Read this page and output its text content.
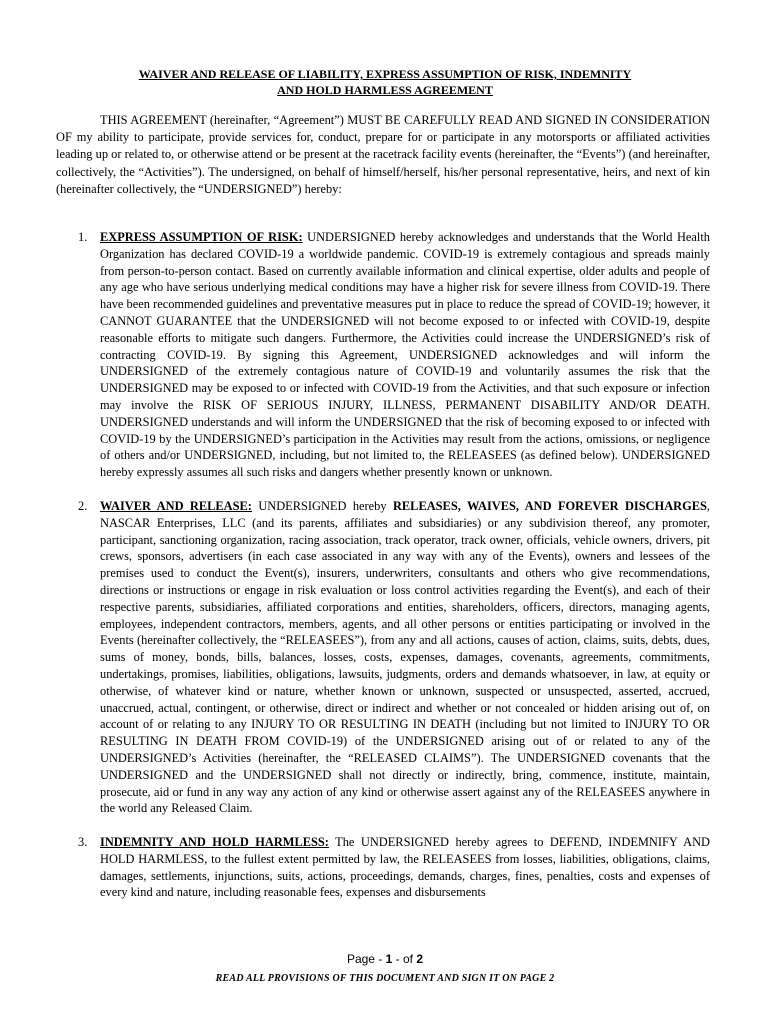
WAIVER AND RELEASE OF LIABILITY, EXPRESS ASSUMPTION OF RISK, INDEMNITY
AND HOLD HARMLESS AGREEMENT

THIS AGREEMENT (hereinafter, “Agreement”) MUST BE CAREFULLY READ AND SIGNED IN CONSIDERATION OF my ability to participate, provide services for, conduct, prepare for or participate in any motorsports or affiliated activities leading up or related to, or otherwise attend or be present at the racetrack facility events (hereinafter, the “Events”) (and hereinafter, collectively, the “Activities”). The undersigned, on behalf of himself/herself, his/her personal representative, heirs, and next of kin (hereinafter collectively, the “UNDERSIGNED”) hereby:

1. EXPRESS ASSUMPTION OF RISK: UNDERSIGNED hereby acknowledges and understands that the World Health Organization has declared COVID-19 a worldwide pandemic. COVID-19 is extremely contagious and spreads mainly from person-to-person contact. Based on currently available information and clinical expertise, older adults and people of any age who have serious underlying medical conditions may have a higher risk for severe illness from COVID-19. There have been recommended guidelines and preventative measures put in place to reduce the spread of COVID-19; however, it CANNOT GUARANTEE that the UNDERSIGNED will not become exposed to or infected with COVID-19, despite reasonable efforts to mitigate such dangers. Furthermore, the Activities could increase the UNDERSIGNED’s risk of contracting COVID-19. By signing this Agreement, UNDERSIGNED acknowledges and will inform the UNDERSIGNED of the extremely contagious nature of COVID-19 and voluntarily assumes the risk that the UNDERSIGNED may be exposed to or infected with COVID-19 from the Activities, and that such exposure or infection may involve the RISK OF SERIOUS INJURY, ILLNESS, PERMANENT DISABILITY AND/OR DEATH. UNDERSIGNED understands and will inform the UNDERSIGNED that the risk of becoming exposed to or infected with COVID-19 by the UNDERSIGNED’s participation in the Activities may result from the actions, omissions, or negligence of others and/or UNDERSIGNED, including, but not limited to, the RELEASEES (as defined below). UNDERSIGNED hereby expressly assumes all such risks and dangers whether presently known or unknown.
2. WAIVER AND RELEASE: UNDERSIGNED hereby RELEASES, WAIVES, AND FOREVER DISCHARGES, NASCAR Enterprises, LLC (and its parents, affiliates and subsidiaries) or any subdivision thereof, any promoter, participant, sanctioning organization, racing association, track operator, track owner, officials, vehicle owners, drivers, pit crews, sponsors, advertisers (in each case associated in any way with any of the Events), owners and lessees of the premises used to conduct the Event(s), insurers, underwriters, consultants and others who give recommendations, directions or instructions or engage in risk evaluation or loss control activities regarding the Event(s), and each of their respective parents, subsidiaries, affiliated corporations and entities, shareholders, officers, directors, managing agents, employees, independent contractors, members, agents, and all other persons or entities participating or involved in the Events (hereinafter collectively, the “RELEASEES”), from any and all actions, causes of action, claims, suits, debts, dues, sums of money, bonds, bills, balances, losses, costs, expenses, damages, covenants, agreements, commitments, undertakings, promises, liabilities, obligations, lawsuits, judgments, orders and demands whatsoever, in law, at equity or otherwise, of whatever kind or nature, whether known or unknown, suspected or unsuspected, asserted, accrued, unaccrued, actual, contingent, or otherwise, direct or indirect and whether or not concealed or hidden arising out of, on account of or relating to any INJURY TO OR RESULTING IN DEATH (including but not limited to INJURY TO OR RESULTING IN DEATH FROM COVID-19) of the UNDERSIGNED arising out of or related to any of the UNDERSIGNED’s Activities (hereinafter, the “RELEASED CLAIMS”). The UNDERSIGNED covenants that the UNDERSIGNED and the UNDERSIGNED shall not directly or indirectly, bring, commence, institute, maintain, prosecute, aid or fund in any way any action of any kind or otherwise assert against any of the RELEASEES anywhere in the world any Released Claim.
3. INDEMNITY AND HOLD HARMLESS: The UNDERSIGNED hereby agrees to DEFEND, INDEMNIFY AND HOLD HARMLESS, to the fullest extent permitted by law, the RELEASEES from losses, liabilities, obligations, claims, damages, settlements, injunctions, suits, actions, proceedings, demands, charges, fines, penalties, costs and expenses of every kind and nature, including reasonable fees, expenses and disbursements
Page - 1 - of 2
READ ALL PROVISIONS OF THIS DOCUMENT AND SIGN IT ON PAGE 2
